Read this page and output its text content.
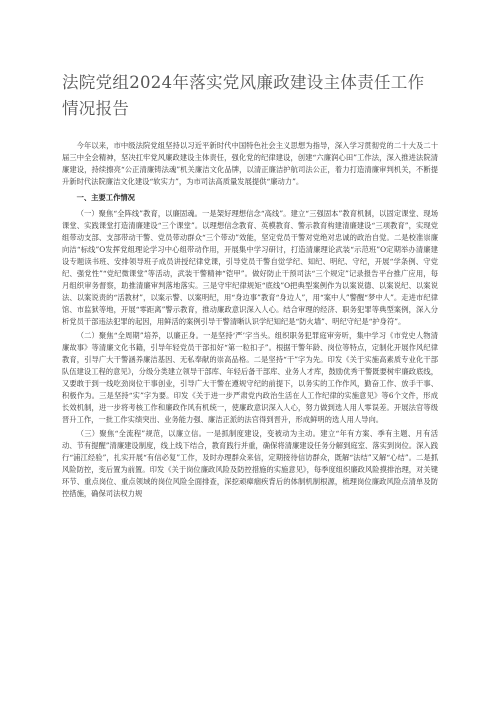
法院党组2024年落实党风廉政建设主体责任工作情况报告

今年以来，市中级法院党组坚持以习近平新时代中国特色社会主义思想为指导，深入学习贯彻党的二十大及二十届三中全会精神，坚决扛牢党风廉政建设主体责任，强化党的纪律建设，创建“六廉润心田”工作法，深入推进法院清廉建设，持续擦亮“公正清廉铸法魂”机关廉洁文化品牌，以清正廉洁护航司法公正，着力打造清廉审判机关，不断提升新时代法院廉洁文化建设“软实力”，为市司法高质量发展提供“廉动力”。

一、主要工作情况

（一）聚焦“全阵线”教育，以廉固魂。一是架好理想信念“高线”。建立“三强固本”教育机制，以固定课堂、现场课堂、实践课堂打造清廉建设“三个课堂”。以理想信念教育、英模教育、警示教育构建清廉建设“三项教育”，实现党组带动支部、支部带动干警、党员带动群众“三个带动”效能，坚定党员干警对党绝对忠诚的政治自觉。二是校准崇廉向洁“标线”O发挥党组理论学习中心组带动作用，开展集中学习研讨，打造清廉理论武装“示范班”O定期举办清廉建设专题读书班、安排领导班子成员讲授纪律党课，引导党员干警自觉学纪、知纪、明纪、守纪，开展“学条例、守党纪、强党性”“党纪微课堂”等活动，武装干警精神“铠甲”。做好防止干预司法“三个规定”记录报告平台推广应用，每月组织审务督察，助推清廉审判落地落实。三是守牢纪律规矩“底线”O把典型案例作为以案说德、以案说纪、以案说法、以案说责的“活教材”，以案示警、以案明纪，用“身边事”教育“身边人”，用“案中人”警醒“梦中人”。走进市纪律馆、市监狱等地，开展“零距离”警示教育，推动廉政意识深入人心。结合审理的经济、职务犯罪等典型案例，深入分析党员干部违法犯罪的起因，用鲜活的案例引导干警清晰认识学纪知纪是“防火墙”、明纪守纪是“护身符”。

（二）聚焦“全周期”培养，以廉正身。一是坚持‘严’字当头。组织职务犯罪庭审旁听，集中学习《市党史人物清廉故事》等清廉文化书籍，引导年轻党员干部扣好“第一粒扣子”。根据干警年龄、岗位等特点，定制化开展作风纪律教育，引导广大干警涵养廉洁基因、无私奉献的崇高品格。二是坚持“干”字为先。印发《关于实施高素质专业化干部队伍建设工程的意见》，分级分类建立领导干部库、年轻后备干部库、业务人才库，鼓励优秀干警既要树牢廉政底线，又要敢于到一线吃劲岗位干事创业，引导广大干警在遵规守纪的前提下，以务实的工作作风，勤奋工作、放手干事、积极作为。三是坚持“实”字为要。印发《关于进一步严肃党内政治生活在人工作纪律的实施意见》等6个文件，形成长效机制，进一步将考核工作和廉政作风有机统一，使廉政意识深入人心，努力做到选人用人零误差。开展法官等级晋升工作，一批工作实绩突出、业务能力强、廉洁正派的法官得到晋升，形成鲜明的选人用人导向。

（三）聚焦“全流程”规范，以廉立信。一是抓制度建设，变被动为主动。建立“年有方案、季有主题、月有活动、节有提醒”清廉建设制度，线上线下结合，教育践行并重，确保将清廉建设任务分解到庭室、落实到岗位。深入践行“浦江经验”，扎实开展“有信必复”工作，及时办理群众来信，定期接待信访群众，既解“法结”又解“心结”。二是抓风险防控，变后置为前置。印发《关于岗位廉政风险及防控措施的实施意见》，每季度组织廉政风险摸排治理，对关键环节、重点岗位、重点领域的岗位风险全面排查，深挖顽瘴痼疾背后的体制机制根源，梳理岗位廉政风险点清单及防控措施，确保司法权力规
